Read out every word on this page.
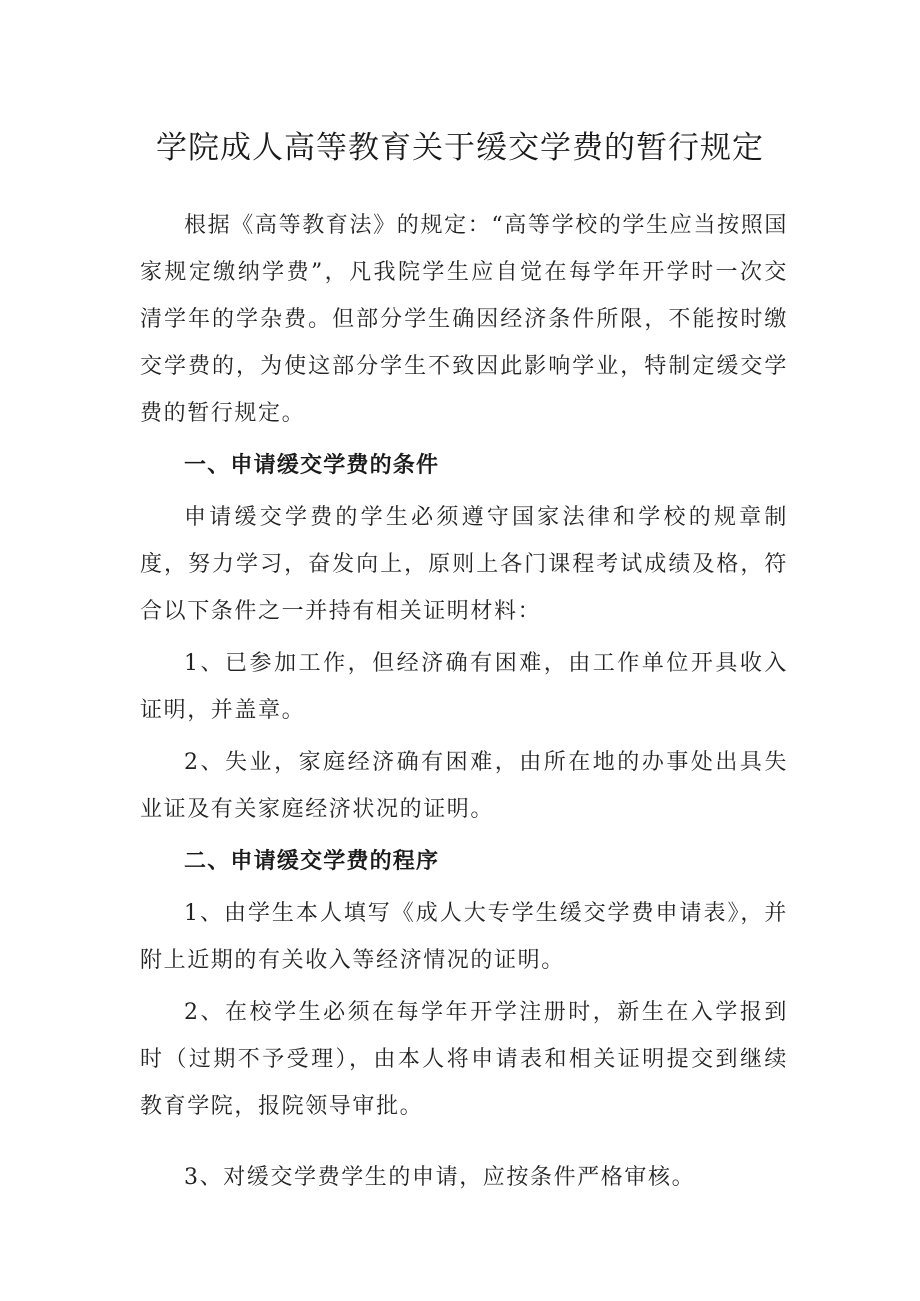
学院成人高等教育关于缓交学费的暂行规定

根据《高等教育法》的规定：“高等学校的学生应当按照国家规定缴纳学费”，凡我院学生应自觉在每学年开学时一次交清学年的学杂费。但部分学生确因经济条件所限，不能按时缴交学费的，为使这部分学生不致因此影响学业，特制定缓交学费的暂行规定。

一、申请缓交学费的条件

申请缓交学费的学生必须遵守国家法律和学校的规章制度，努力学习，奋发向上，原则上各门课程考试成绩及格，符合以下条件之一并持有相关证明材料：

1、已参加工作，但经济确有困难，由工作单位开具收入证明，并盖章。

2、失业，家庭经济确有困难，由所在地的办事处出具失业证及有关家庭经济状况的证明。

二、申请缓交学费的程序

1、由学生本人填写《成人大专学生缓交学费申请表》，并附上近期的有关收入等经济情况的证明。

2、在校学生必须在每学年开学注册时，新生在入学报到时（过期不予受理），由本人将申请表和相关证明提交到继续教育学院，报院领导审批。

3、对缓交学费学生的申请，应按条件严格审核。
